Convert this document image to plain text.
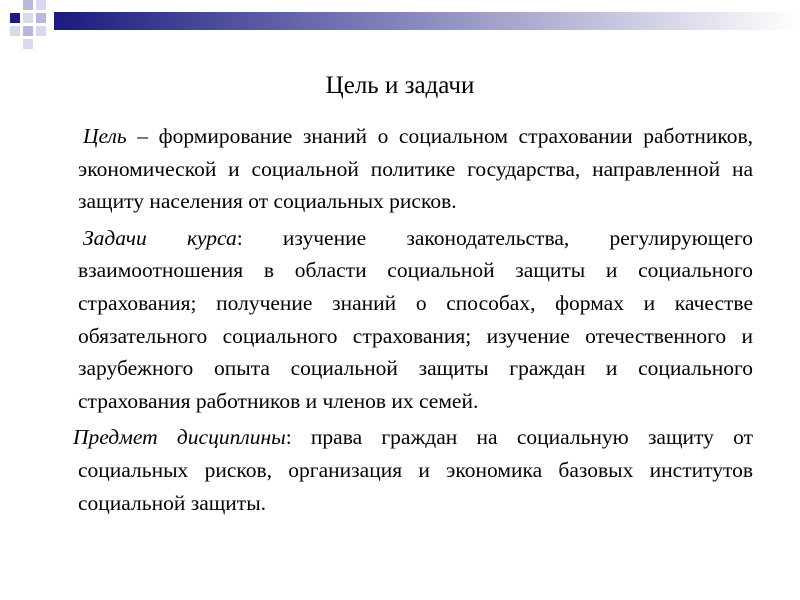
Цель и задачи

Цель – формирование знаний о социальном страховании работников, экономической и социальной политике государства, направленной на защиту населения от социальных рисков.

Задачи курса: изучение законодательства, регулирующего взаимоотношения в области социальной защиты и социального страхования; получение знаний о способах, формах и качестве обязательного социального страхования; изучение отечественного и зарубежного опыта социальной защиты граждан и социального страхования работников и членов их семей.

Предмет дисциплины: права граждан на социальную защиту от социальных рисков, организация и экономика базовых институтов социальной защиты.
